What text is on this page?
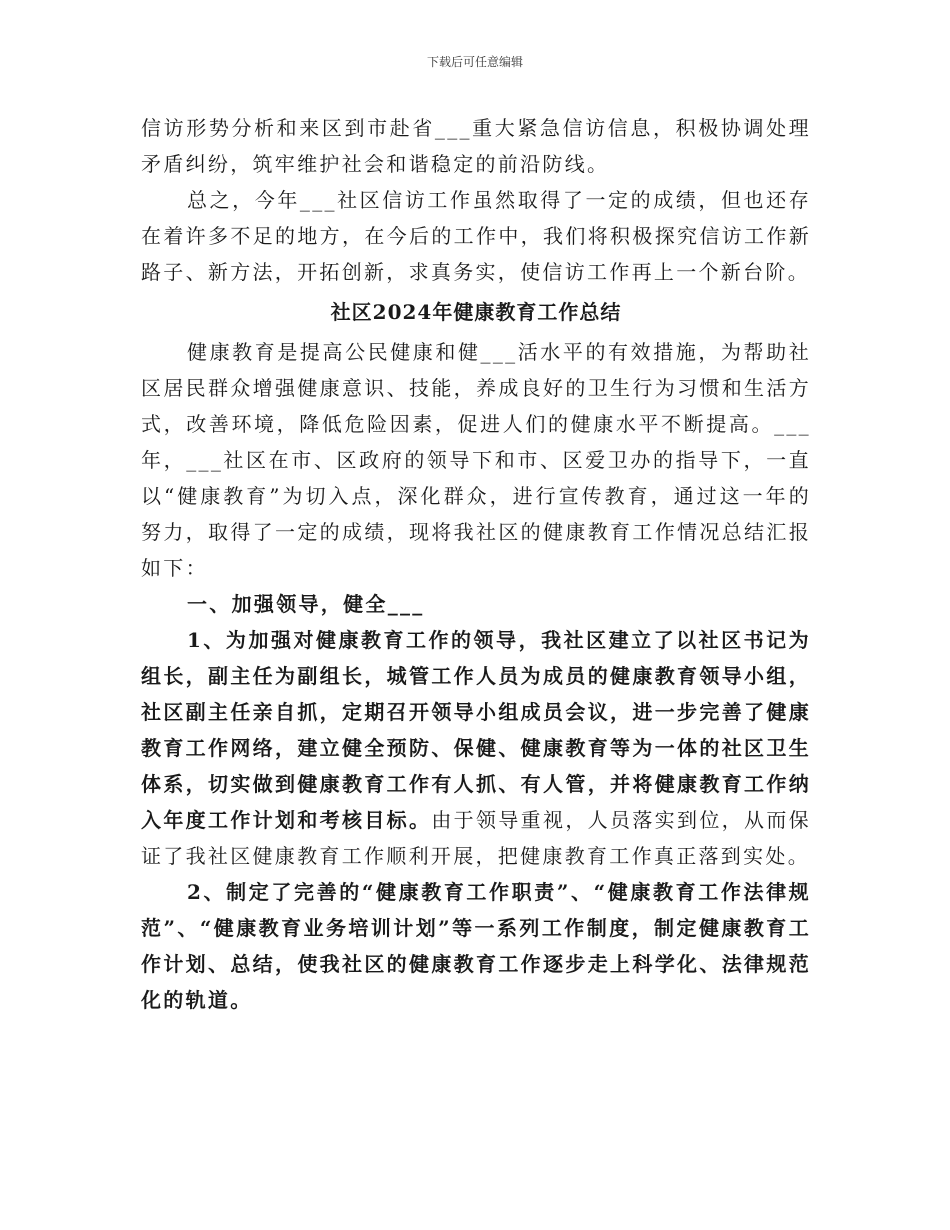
下载后可任意编辑

信访形势分析和来区到市赴省___重大紧急信访信息，积极协调处理矛盾纠纷，筑牢维护社会和谐稳定的前沿防线。

总之，今年___社区信访工作虽然取得了一定的成绩，但也还存在着许多不足的地方，在今后的工作中，我们将积极探究信访工作新路子、新方法，开拓创新，求真务实，使信访工作再上一个新台阶。

社区2024年健康教育工作总结

健康教育是提高公民健康和健___活水平的有效措施，为帮助社区居民群众增强健康意识、技能，养成良好的卫生行为习惯和生活方式，改善环境，降低危险因素，促进人们的健康水平不断提高。___年，___社区在市、区政府的领导下和市、区爱卫办的指导下，一直以“健康教育”为切入点，深化群众，进行宣传教育，通过这一年的努力，取得了一定的成绩，现将我社区的健康教育工作情况总结汇报如下：

一、加强领导，健全___

1、为加强对健康教育工作的领导，我社区建立了以社区书记为组长，副主任为副组长，城管工作人员为成员的健康教育领导小组，社区副主任亲自抓，定期召开领导小组成员会议，进一步完善了健康教育工作网络，建立健全预防、保健、健康教育等为一体的社区卫生体系，切实做到健康教育工作有人抓、有人管，并将健康教育工作纳入年度工作计划和考核目标。由于领导重视，人员落实到位，从而保证了我社区健康教育工作顺利开展，把健康教育工作真正落到实处。

2、制定了完善的“健康教育工作职责”、“健康教育工作法律规范”、“健康教育业务培训计划”等一系列工作制度，制定健康教育工作计划、总结，使我社区的健康教育工作逐步走上科学化、法律规范化的轨道。
